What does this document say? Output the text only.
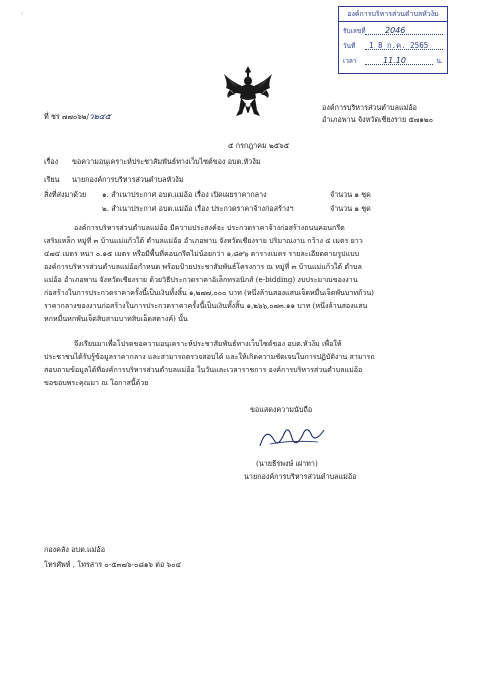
◦	องค์การบริหารส่วนตำบลหัวง้ม
รับเลขที่ 2046
วันที่ 1 8 ก.ค. 2565
เวลา	11.10	น.
ที่ ชร ๗๗๐๖๒/ว๒๔๕
องค์การบริหารส่วนตำบลแม่อ้อ
อำเภอพาน จังหวัดเชียงราย ๕๗๑๒๐
๕ กรกฎาคม ๒๕๖๕
เรื่อง ขอความอนุเคราะห์ประชาสัมพันธ์ทางเว็บไซต์ของ อบต.หัวง้ม
เรียน นายกองค์การบริหารส่วนตำบลหัวง้ม
สิ่งที่ส่งมาด้วย ๑. สำเนาประกาศ อบต.แม่อ้อ เรื่อง เปิดเผยราคากลาง	จำนวน ๑ ชุด
๒. สำเนาประกาศ อบต.แม่อ้อ เรื่อง ประกวดราคาจ้างก่อสร้างฯ	จำนวน ๑ ชุด
องค์การบริหารส่วนตำบลแม่อ้อ มีความประสงค์จะ ประกวดราคาจ้างก่อสร้างถนนคอนกรีต
เสริมเหล็ก หมู่ที่ ๓ บ้านแม่แก้วใต้ ตำบลแม่อ้อ อำเภอพาน จังหวัดเชียงราย ปริมาณงาน กว้าง ๔ เมตร ยาว
๔๗๔ เมตร หนา ๐.๑๕ เมตร หรือมีพื้นที่คอนกรีตไม่น้อยกว่า ๑,๘๙๖ ตารางเมตร รายละเอียดตามรูปแบบ
องค์การบริหารส่วนตำบลแม่อ้อกำหนด พร้อมป้ายประชาสัมพันธ์โครงการ ณ หมู่ที่ ๓ บ้านแม่แก้วใต้ ตำบล
แม่อ้อ อำเภอพาน จังหวัดเชียงราย ด้วยวิธีประกวดราคาอิเล็กทรอนิกส์ (e-bidding) งบประมาณของงาน
ก่อสร้างในการประกวดราคาครั้งนี้เป็นเงินทั้งสิ้น ๑,๒๗๗,๐๐๐ บาท (หนึ่งล้านสองแสนเจ็ดหมื่นเจ็ดพันบาทถ้วน)
ราคากลางของงานก่อสร้างในการประกวดราคาครั้งนี้เป็นเงินทั้งสิ้น ๑,๒๖๖,๐๗๓.๑๑ บาท (หนึ่งล้านสองแสน
หกหมื่นหกพันเจ็ดสิบสามบาทสิบเอ็ดสตางค์) นั้น
จึงเรียนมาเพื่อโปรดขอความอนุเคราะห์ประชาสัมพันธ์ทางเว็บไซต์ของ อบต.หัวง้ม เพื่อให้
ประชาชนได้รับรู้ข้อมูลราคากลาง และสามารถตรวจสอบได้ และให้เกิดความชัดเจนในการปฏิบัติงาน สามารถ
สอบถามข้อมูลได้ที่องค์การบริหารส่วนตำบลแม่อ้อ ในวันและเวลาราชการ องค์การบริหารส่วนตำบลแม่อ้อ
ขอขอบพระคุณมา ณ โอกาสนี้ด้วย
ขอแสดงความนับถือ
(นายธีรพงษ์ เผ่าทา)
นายกองค์การบริหารส่วนตำบลแม่อ้อ
กองคลัง อบต.แม่อ้อ
โทรศัพท์ , โทรสาร ๐-๕๓๗๖-๐๘๑๖ ต่อ ๖๐๔
